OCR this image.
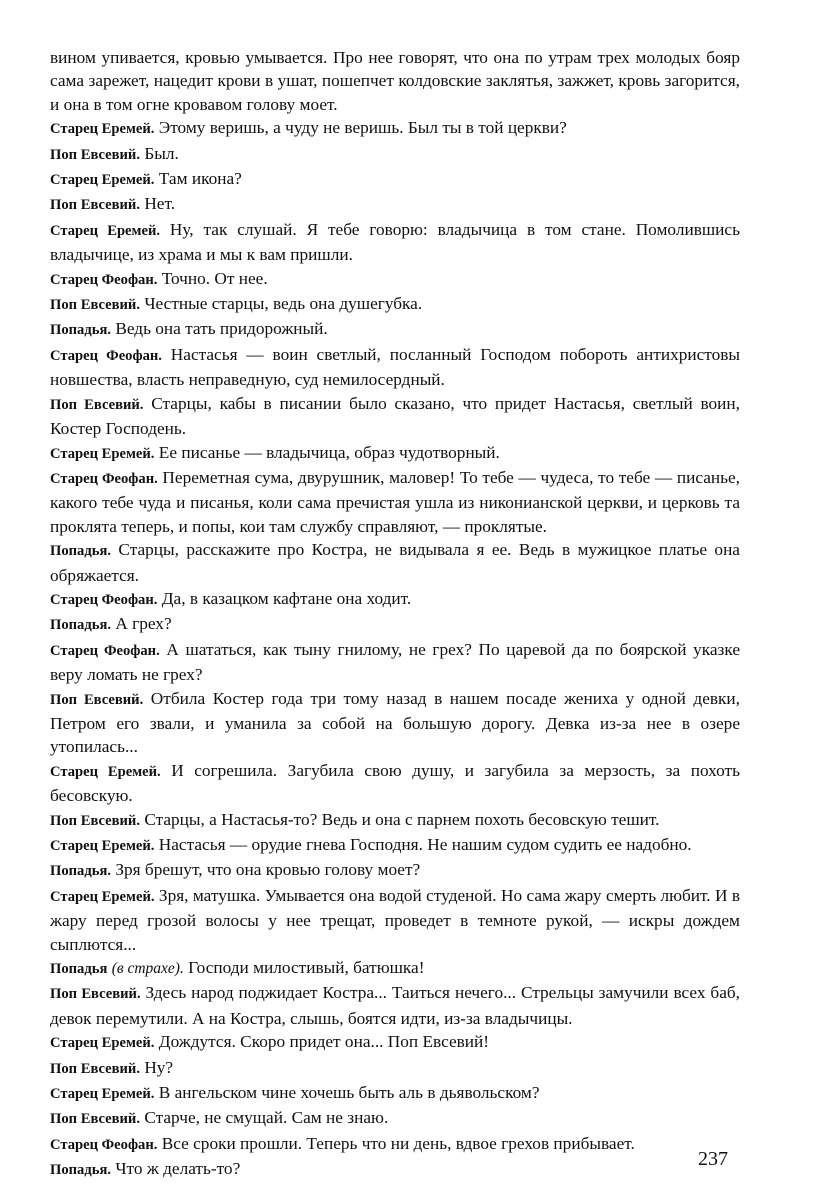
вином упивается, кровью умывается. Про нее говорят, что она по утрам трех молодых бояр сама зарежет, нацедит крови в ушат, пошепчет колдовские заклятья, зажжет, кровь загорится, и она в том огне кровавом голову моет.

Старец Еремей. Этому веришь, а чуду не веришь. Был ты в той церкви?

Поп Евсевий. Был.

Старец Еремей. Там икона?

Поп Евсевий. Нет.

Старец Еремей. Ну, так слушай. Я тебе говорю: владычица в том стане. Помолившись владычице, из храма и мы к вам пришли.

Старец Феофан. Точно. От нее.

Поп Евсевий. Честные старцы, ведь она душегубка.

Попадья. Ведь она тать придорожный.

Старец Феофан. Настасья — воин светлый, посланный Господом побороть антихристовы новшества, власть неправедную, суд немилосердный.

Поп Евсевий. Старцы, кабы в писании было сказано, что придет Настасья, светлый воин, Костер Господень.

Старец Еремей. Ее писанье — владычица, образ чудотворный.

Старец Феофан. Переметная сума, двурушник, маловер! То тебе — чудеса, то тебе — писанье, какого тебе чуда и писанья, коли сама пречистая ушла из никонианской церкви, и церковь та проклята теперь, и попы, кои там службу справляют, — проклятые.

Попадья. Старцы, расскажите про Костра, не видывала я ее. Ведь в мужицкое платье она обряжается.

Старец Феофан. Да, в казацком кафтане она ходит.

Попадья. А грех?

Старец Феофан. А шататься, как тыну гнилому, не грех? По царевой да по боярской указке веру ломать не грех?

Поп Евсевий. Отбила Костер года три тому назад в нашем посаде жениха у одной девки, Петром его звали, и уманила за собой на большую дорогу. Девка из-за нее в озере утопилась...

Старец Еремей. И согрешила. Загубила свою душу, и загубила за мерзость, за похоть бесовскую.

Поп Евсевий. Старцы, а Настасья-то? Ведь и она с парнем похоть бесовскую тешит.

Старец Еремей. Настасья — орудие гнева Господня. Не нашим судом судить ее надобно.

Попадья. Зря брешут, что она кровью голову моет?

Старец Еремей. Зря, матушка. Умывается она водой студеной. Но сама жару смерть любит. И в жару перед грозой волосы у нее трещат, проведет в темноте рукой, — искры дождем сыплются...

Попадья (в страхе). Господи милостивый, батюшка!

Поп Евсевий. Здесь народ поджидает Костра... Таиться нечего... Стрельцы замучили всех баб, девок перемутили. А на Костра, слышь, боятся идти, из-за владычицы.

Старец Еремей. Дождутся. Скоро придет она... Поп Евсевий!

Поп Евсевий. Ну?

Старец Еремей. В ангельском чине хочешь быть аль в дьявольском?

Поп Евсевий. Старче, не смущай. Сам не знаю.

Старец Феофан. Все сроки прошли. Теперь что ни день, вдвое грехов прибывает.

Попадья. Что ж делать-то?	237
